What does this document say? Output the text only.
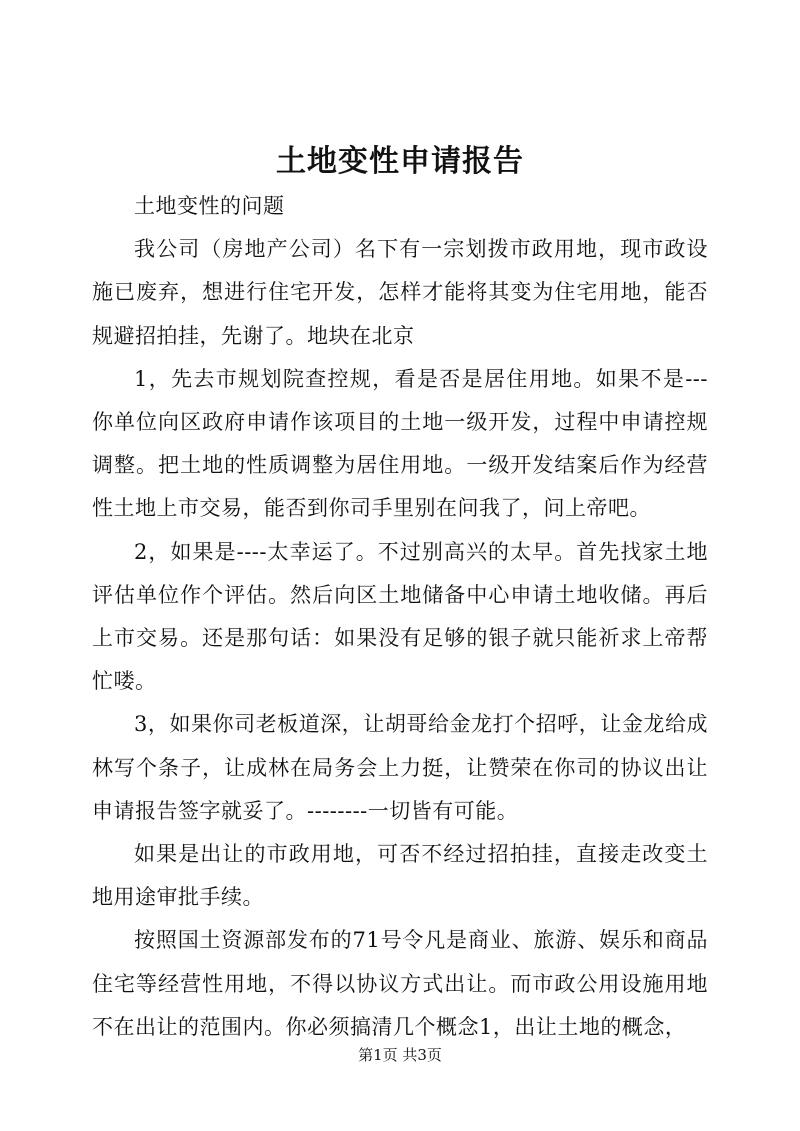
土地变性申请报告

土地变性的问题

我公司（房地产公司）名下有一宗划拨市政用地，现市政设施已废弃，想进行住宅开发，怎样才能将其变为住宅用地，能否规避招拍挂，先谢了。地块在北京

1，先去市规划院查控规，看是否是居住用地。如果不是---你单位向区政府申请作该项目的土地一级开发，过程中申请控规调整。把土地的性质调整为居住用地。一级开发结案后作为经营性土地上市交易，能否到你司手里别在问我了，问上帝吧。

2，如果是----太幸运了。不过别高兴的太早。首先找家土地评估单位作个评估。然后向区土地储备中心申请土地收储。再后上市交易。还是那句话：如果没有足够的银子就只能祈求上帝帮忙喽。

3，如果你司老板道深，让胡哥给金龙打个招呼，让金龙给成林写个条子，让成林在局务会上力挺，让赞荣在你司的协议出让申请报告签字就妥了。--------一切皆有可能。

如果是出让的市政用地，可否不经过招拍挂，直接走改变土地用途审批手续。

按照国土资源部发布的71号令凡是商业、旅游、娱乐和商品住宅等经营性用地，不得以协议方式出让。而市政公用设施用地不在出让的范围内。你必须搞清几个概念1，出让土地的概念，

第1页 共3页
